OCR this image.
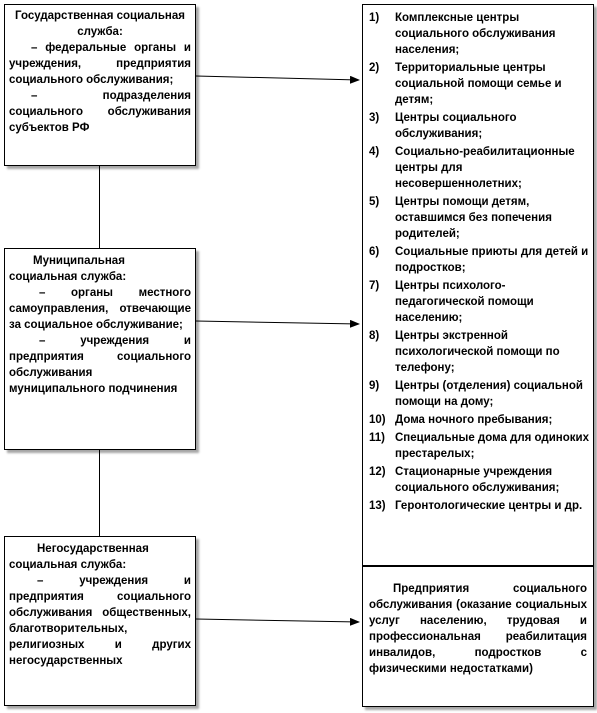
Государственная социальная служба:
– федеральные органы и учреждения, предприятия социального обслуживания;
– подразделения социального обслуживания субъектов РФ
Муниципальная социальная служба:
– органы местного самоуправления, отвечающие за социальное обслуживание;
– учреждения и предприятия социального обслуживания муниципального подчинения
Негосударственная социальная служба:
– учреждения и предприятия социального обслуживания общественных, благотворительных, религиозных и других негосударственных
1) Комплексные центры социального обслуживания населения;
2) Территориальные центры социальной помощи семье и детям;
3) Центры социального обслуживания;
4) Социально-реабилитационные центры для несовершеннолетних;
5) Центры помощи детям, оставшимся без попечения родителей;
6) Социальные приюты для детей и подростков;
7) Центры психолого-педагогической помощи населению;
8) Центры экстренной психологической помощи по телефону;
9) Центры (отделения) социальной помощи на дому;
10) Дома ночного пребывания;
11) Специальные дома для одиноких престарелых;
12) Стационарные учреждения социального обслуживания;
13) Геронтологические центры и др.
Предприятия социального обслуживания (оказание социальных услуг населению, трудовая и профессиональная реабилитация инвалидов, подростков с физическими недостатками)
